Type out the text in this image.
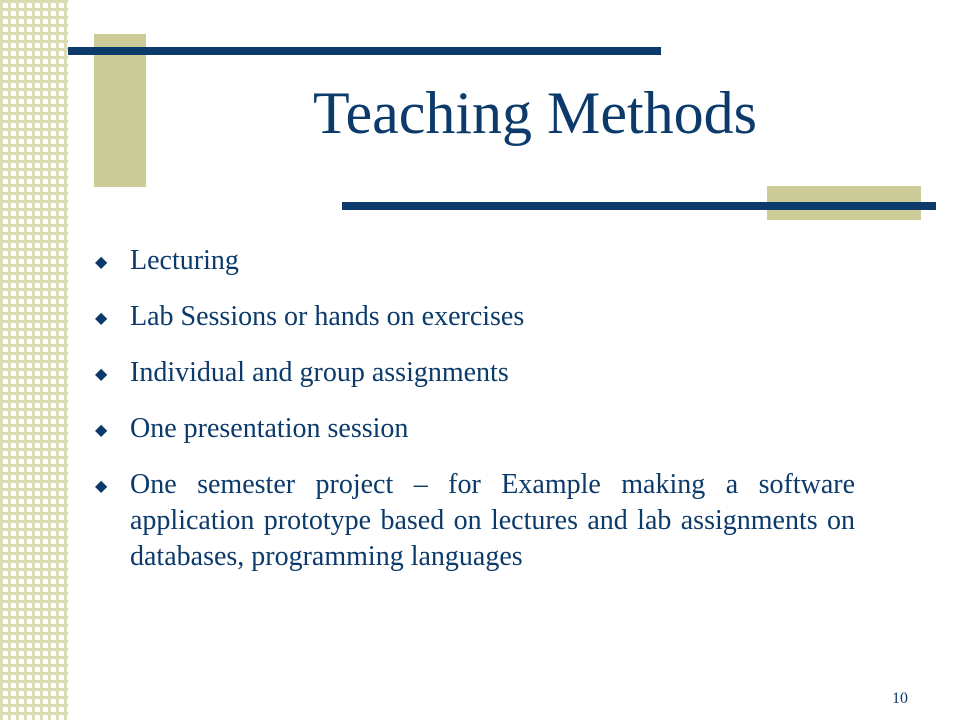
Teaching Methods
◆ Lecturing
◆ Lab Sessions or hands on exercises
◆ Individual and group assignments
◆ One presentation session
◆ One semester project – for Example making a software application prototype based on lectures and lab assignments on databases, programming languages
10
